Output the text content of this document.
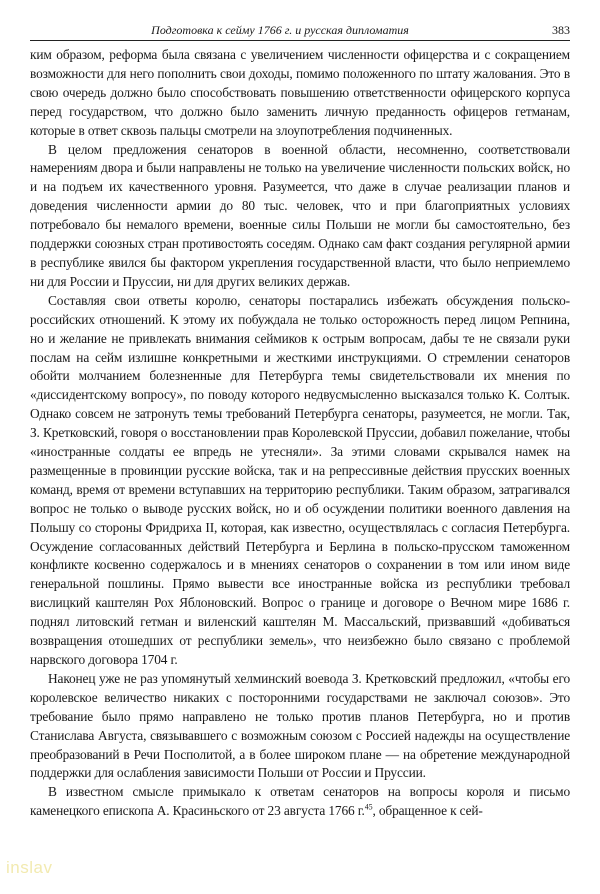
Подготовка к сейму 1766 г. и русская дипломатия	383

ким образом, реформа была связана с увеличением численности офицерства и с сокращением возможности для него пополнить свои доходы, помимо положенного по штату жалования. Это в свою очередь должно было способствовать повышению ответственности офицерского корпуса перед государством, что должно было заменить личную преданность офицеров гетманам, которые в ответ сквозь пальцы смотрели на злоупотребления подчиненных.

В целом предложения сенаторов в военной области, несомненно, соответствовали намерениям двора и были направлены не только на увеличение численности польских войск, но и на подъем их качественного уровня. Разумеется, что даже в случае реализации планов и доведения численности армии до 80 тыс. человек, что и при благоприятных условиях потребовало бы немалого времени, военные силы Польши не могли бы самостоятельно, без поддержки союзных стран противостоять соседям. Однако сам факт создания регулярной армии в республике явился бы фактором укрепления государственной власти, что было неприемлемо ни для России и Пруссии, ни для других великих держав.

Составляя свои ответы королю, сенаторы постарались избежать обсуждения польско-российских отношений. К этому их побуждала не только осторожность перед лицом Репнина, но и желание не привлекать внимания сеймиков к острым вопросам, дабы те не связали руки послам на сейм излишне конкретными и жесткими инструкциями. О стремлении сенаторов обойти молчанием болезненные для Петербурга темы свидетельствовали их мнения по «диссидентскому вопросу», по поводу которого недвусмысленно высказался только К. Солтык. Однако совсем не затронуть темы требований Петербурга сенаторы, разумеется, не могли. Так, З. Кретковский, говоря о восстановлении прав Королевской Пруссии, добавил пожелание, чтобы «иностранные солдаты ее впредь не утесняли». За этими словами скрывался намек на размещенные в провинции русские войска, так и на репрессивные действия прусских военных команд, время от времени вступавших на территорию республики. Таким образом, затрагивался вопрос не только о выводе русских войск, но и об осуждении политики военного давления на Польшу со стороны Фридриха II, которая, как известно, осуществлялась с согласия Петербурга. Осуждение согласованных действий Петербурга и Берлина в польско-прусском таможенном конфликте косвенно содержалось и в мнениях сенаторов о сохранении в том или ином виде генеральной пошлины. Прямо вывести все иностранные войска из республики требовал вислицкий каштелян Рох Яблоновский. Вопрос о границе и договоре о Вечном мире 1686 г. поднял литовский гетман и виленский каштелян М. Массальский, призвавший «добиваться возвращения отошедших от республики земель», что неизбежно было связано с проблемой нарвского договора 1704 г.

Наконец уже не раз упомянутый хелминский воевода З. Кретковский предложил, «чтобы его королевское величество никаких с посторонними государствами не заключал союзов». Это требование было прямо направлено не только против планов Петербурга, но и против Станислава Августа, связывавшего с возможным союзом с Россией надежды на осуществление преобразований в Речи Посполитой, а в более широком плане — на обретение международной поддержки для ослабления зависимости Польши от России и Пруссии.

В известном смысле примыкало к ответам сенаторов на вопросы короля и письмо каменецкого епископа А. Красиньского от 23 августа 1766 г.$^{45}$, обращенное к сей-

inslav
